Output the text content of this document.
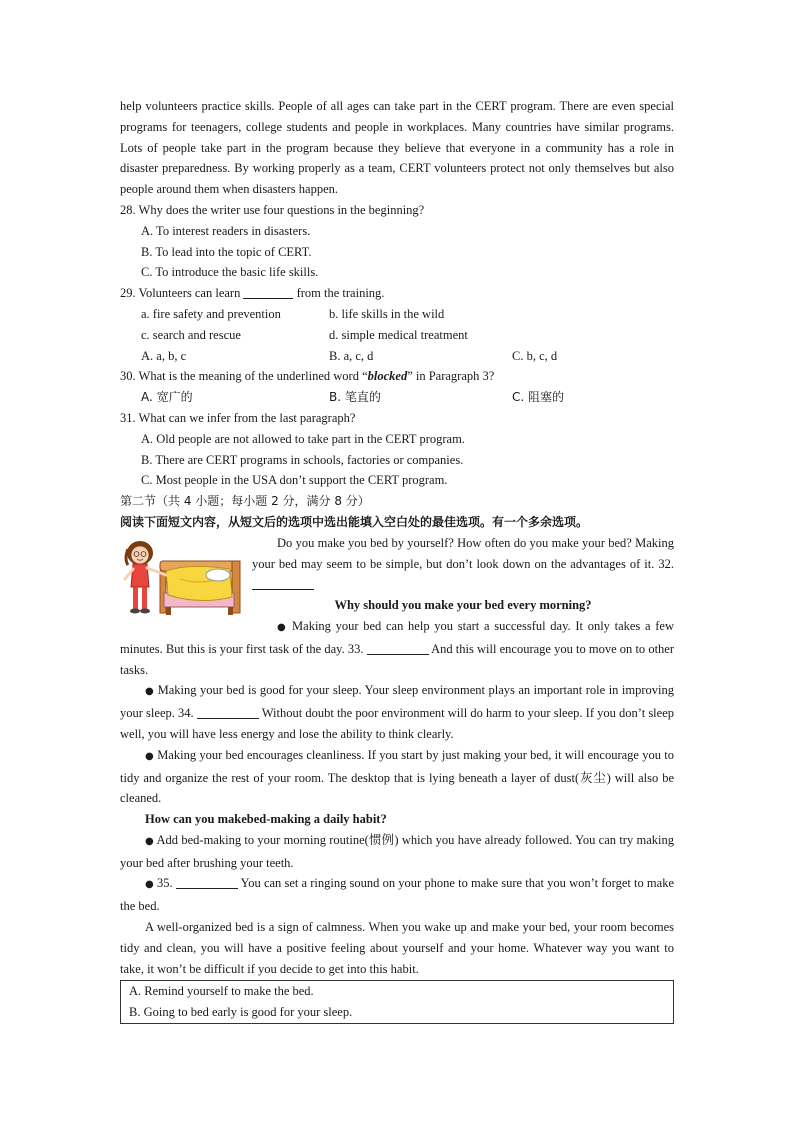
help volunteers practice skills. People of all ages can take part in the CERT program. There are even special programs for teenagers, college students and people in workplaces. Many countries have similar programs. Lots of people take part in the program because they believe that everyone in a community has a role in disaster preparedness. By working properly as a team, CERT volunteers protect not only themselves but also people around them when disasters happen.

28. Why does the writer use four questions in the beginning?

A. To interest readers in disasters.

B. To lead into the topic of CERT.

C. To introduce the basic life skills.

29. Volunteers can learn	from the training.

a. fire safety and prevention	b. life skills in the wild

c. search and rescue	d. simple medical treatment

A. a, b, c	B. a, c, d	C. b, c, d

30. What is the meaning of the underlined word “blocked” in Paragraph 3?

A. 宽广的	B. 笔直的	C. 阻塞的

31. What can we infer from the last paragraph?

A. Old people are not allowed to take part in the CERT program.

B. There are CERT programs in schools, factories or companies.

C. Most people in the USA don’t support the CERT program.

第二节（共 4 小题；每小题 2 分，满分 8 分）

阅读下面短文内容，从短文后的选项中选出能填入空白处的最佳选项。有一个多余选项。

Do you make you bed by yourself? How often do you make your bed? Making your bed may seem to be simple, but don’t look down on the advantages of it. 32.

Why should you make your bed every morning?

● Making your bed can help you start a successful day. It only takes a few minutes. But this is your first task of the day. 33.	And this will encourage you to move on to other tasks.

● Making your bed is good for your sleep. Your sleep environment plays an important role in improving your sleep. 34.	Without doubt the poor environment will do harm to your sleep. If you don’t sleep well, you will have less energy and lose the ability to think clearly.

● Making your bed encourages cleanliness. If you start by just making your bed, it will encourage you to tidy and organize the rest of your room. The desktop that is lying beneath a layer of dust(灰尘) will also be cleaned.

How can you makebed-making a daily habit?

● Add bed-making to your morning routine(惯例) which you have already followed. You can try making your bed after brushing your teeth.

● 35.	You can set a ringing sound on your phone to make sure that you won’t forget to make the bed.

A well-organized bed is a sign of calmness. When you wake up and make your bed, your room becomes tidy and clean, you will have a positive feeling about yourself and your home. Whatever way you want to take, it won’t be difficult if you decide to get into this habit.

A. Remind yourself to make the bed.

B. Going to bed early is good for your sleep.
